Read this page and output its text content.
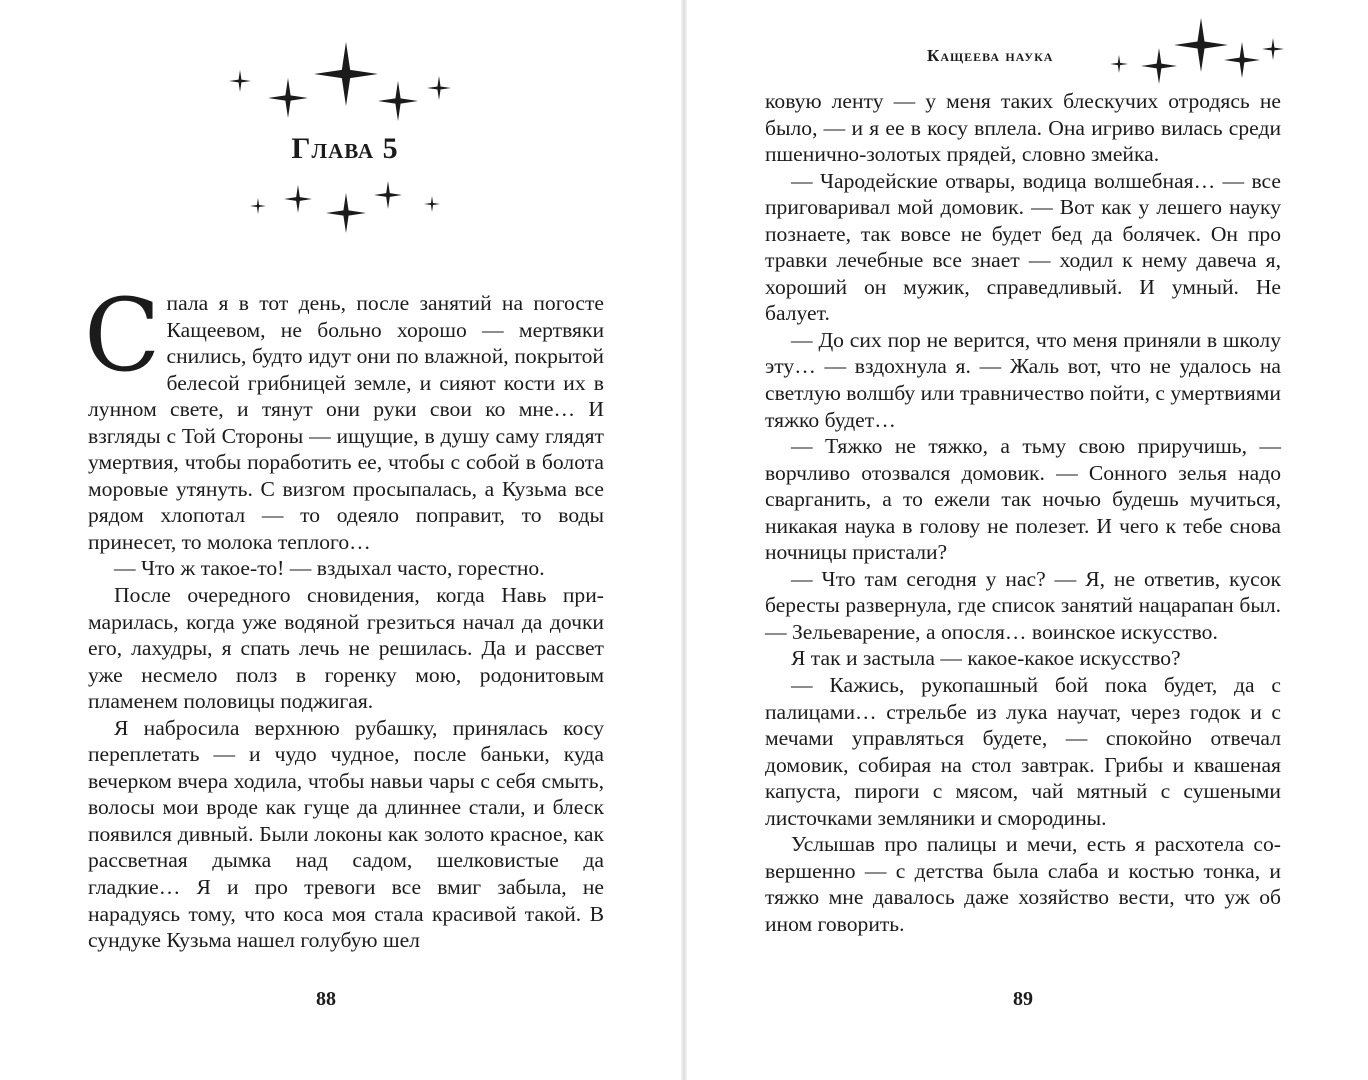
Глава 5

Спала я в тот день, после занятий на погосте Кащеевом, не больно хорошо — мертвяки снились, будто идут они по влажной, покрытой белесой грибницей земле, и сияют кости их в лунном свете, и тянут они руки свои ко мне… И взгляды с Той Стороны — ищущие, в душу саму глядят умертвия, чтобы поработить ее, чтобы с собой в болота моровые утянуть. С визгом просыпалась, а Кузьма все рядом хлопотал — то одеяло поправит, то воды принесет, то молока теплого…

— Что ж такое-то! — вздыхал часто, горестно.

После очередного сновидения, когда Навь примарилась, когда уже водяной грезиться начал да дочки его, лахудры, я спать лечь не решилась. Да и рассвет уже несмело полз в горенку мою, родонитовым пламенем половицы поджигая.

Я набросила верхнюю рубашку, принялась косу переплетать — и чудо чудное, после баньки, куда вечерком вчера ходила, чтобы навьи чары с себя смыть, волосы мои вроде как гуще да длиннее стали, и блеск появился дивный. Были локоны как золото красное, как рассветная дымка над садом, шелковистые да гладкие… Я и про тревоги все вмиг забыла, не нарадуясь тому, что коса моя стала красивой такой. В сундуке Кузьма нашел голубую шел

88
Кащеева наука

ковую ленту — у меня таких блескучих отродясь не было, — и я ее в косу вплела. Она игриво вилась среди пшенично-золотых прядей, словно змейка.

— Чародейские отвары, водица волшебная… — все приговаривал мой домовик. — Вот как у лешего науку познаете, так вовсе не будет бед да болячек. Он про травки лечебные все знает — ходил к нему давеча я, хороший он мужик, справедливый. И умный. Не балует.

— До сих пор не верится, что меня приняли в школу эту… — вздохнула я. — Жаль вот, что не удалось на светлую волшбу или травничество пойти, с умертвиями тяжко будет…

— Тяжко не тяжко, а тьму свою приручишь, — ворчливо отозвался домовик. — Сонного зелья надо сварганить, а то ежели так ночью будешь мучиться, никакая наука в голову не полезет. И чего к тебе снова ночницы пристали?

— Что там сегодня у нас? — Я, не ответив, кусок бересты развернула, где список занятий нацарапан был. — Зельеварение, а опосля… воинское искусство.

Я так и застыла — какое-какое искусство?

— Кажись, рукопашный бой пока будет, да с палицами… стрельбе из лука научат, через годок и с мечами управляться будете, — спокойно отвечал домовик, собирая на стол завтрак. Грибы и квашеная капуста, пироги с мясом, чай мятный с сушеными листочками земляники и смородины.

Услышав про палицы и мечи, есть я расхотела совершенно — с детства была слаба и костью тонка, и тяжко мне давалось даже хозяйство вести, что уж об ином говорить.

89
